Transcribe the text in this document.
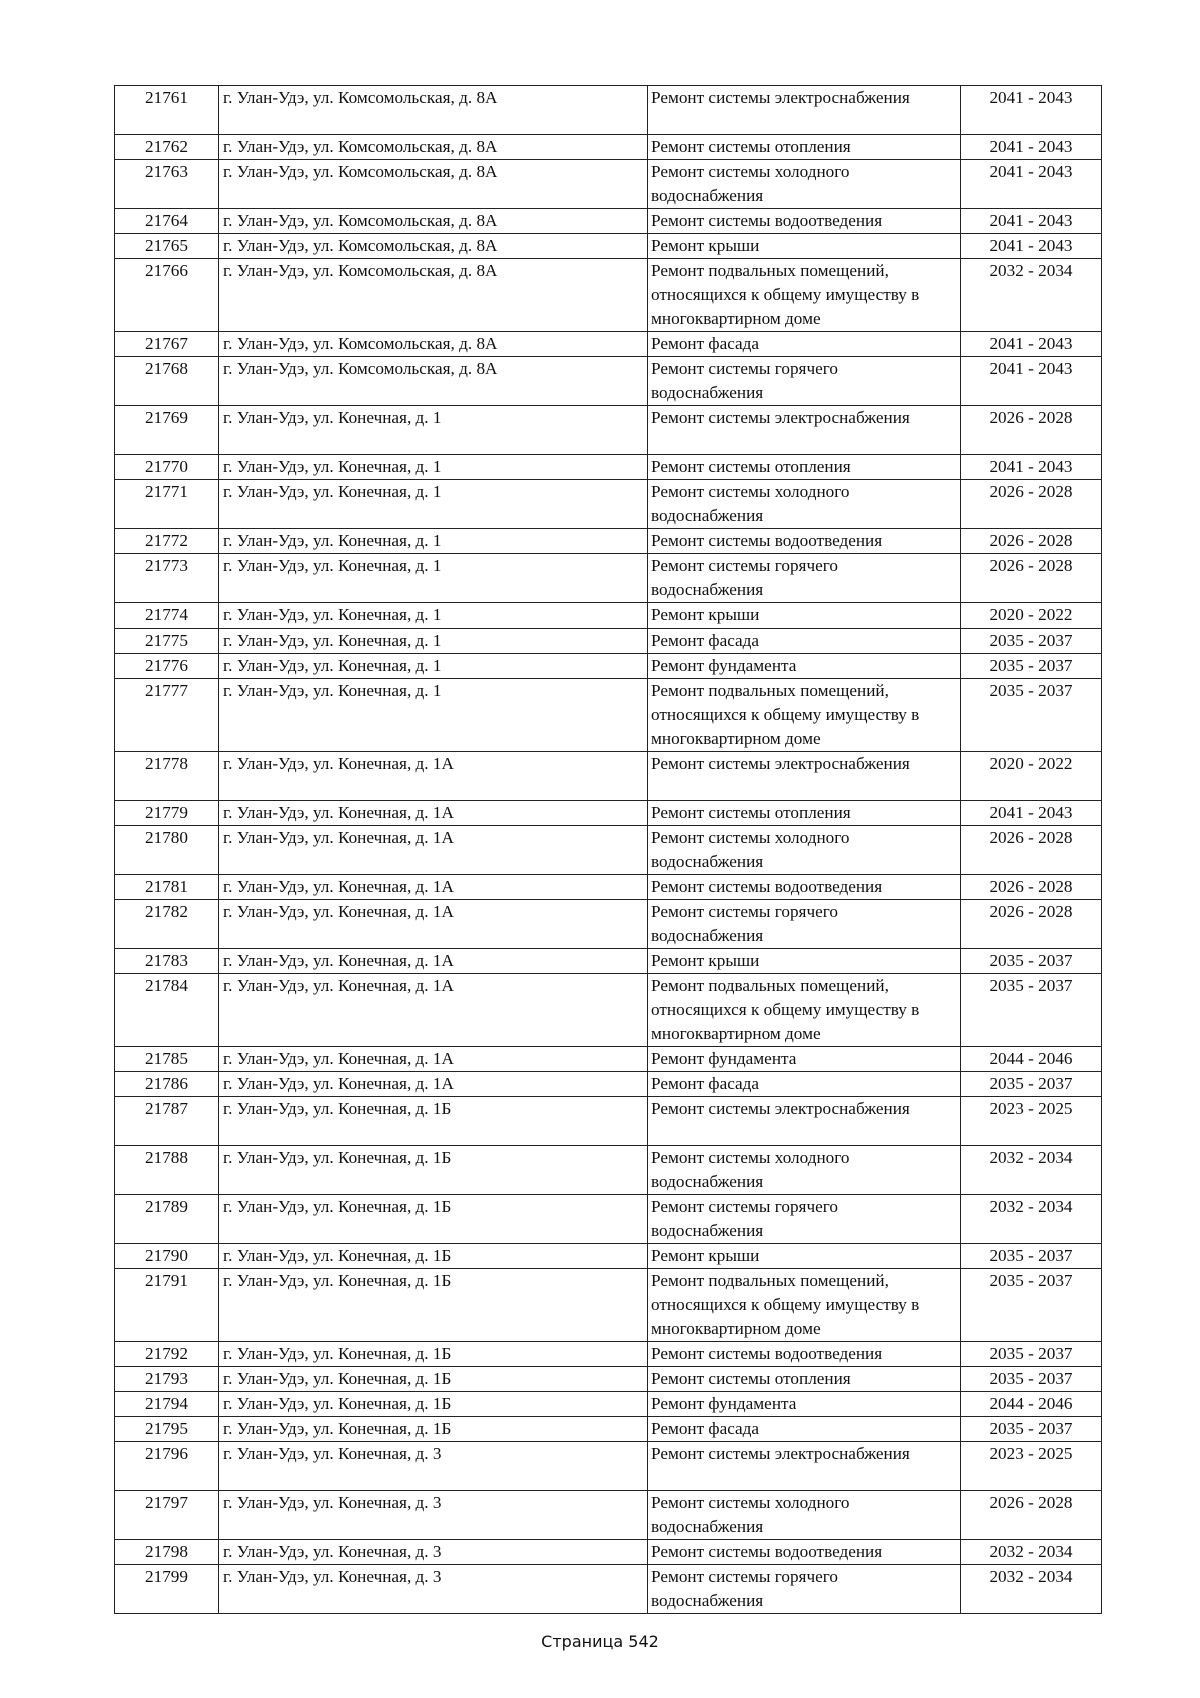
21761	г. Улан-Удэ, ул. Комсомольская, д. 8А	Ремонт системы электроснабжения	2041 - 2043
21762	г. Улан-Удэ, ул. Комсомольская, д. 8А	Ремонт системы отопления	2041 - 2043
21763	г. Улан-Удэ, ул. Комсомольская, д. 8А	Ремонт системы холодного
водоснабжения	2041 - 2043
21764	г. Улан-Удэ, ул. Комсомольская, д. 8А	Ремонт системы водоотведения	2041 - 2043
21765	г. Улан-Удэ, ул. Комсомольская, д. 8А	Ремонт крыши	2041 - 2043
21766	г. Улан-Удэ, ул. Комсомольская, д. 8А	Ремонт подвальных помещений,
относящихся к общему имуществу в
многоквартирном доме	2032 - 2034
21767	г. Улан-Удэ, ул. Комсомольская, д. 8А	Ремонт фасада	2041 - 2043
21768	г. Улан-Удэ, ул. Комсомольская, д. 8А	Ремонт системы горячего
водоснабжения	2041 - 2043
21769	г. Улан-Удэ, ул. Конечная, д. 1	Ремонт системы электроснабжения	2026 - 2028
21770	г. Улан-Удэ, ул. Конечная, д. 1	Ремонт системы отопления	2041 - 2043
21771	г. Улан-Удэ, ул. Конечная, д. 1	Ремонт системы холодного
водоснабжения	2026 - 2028
21772	г. Улан-Удэ, ул. Конечная, д. 1	Ремонт системы водоотведения	2026 - 2028
21773	г. Улан-Удэ, ул. Конечная, д. 1	Ремонт системы горячего
водоснабжения	2026 - 2028
21774	г. Улан-Удэ, ул. Конечная, д. 1	Ремонт крыши	2020 - 2022
21775	г. Улан-Удэ, ул. Конечная, д. 1	Ремонт фасада	2035 - 2037
21776	г. Улан-Удэ, ул. Конечная, д. 1	Ремонт фундамента	2035 - 2037
21777	г. Улан-Удэ, ул. Конечная, д. 1	Ремонт подвальных помещений,
относящихся к общему имуществу в
многоквартирном доме	2035 - 2037
21778	г. Улан-Удэ, ул. Конечная, д. 1А	Ремонт системы электроснабжения	2020 - 2022
21779	г. Улан-Удэ, ул. Конечная, д. 1А	Ремонт системы отопления	2041 - 2043
21780	г. Улан-Удэ, ул. Конечная, д. 1А	Ремонт системы холодного
водоснабжения	2026 - 2028
21781	г. Улан-Удэ, ул. Конечная, д. 1А	Ремонт системы водоотведения	2026 - 2028
21782	г. Улан-Удэ, ул. Конечная, д. 1А	Ремонт системы горячего
водоснабжения	2026 - 2028
21783	г. Улан-Удэ, ул. Конечная, д. 1А	Ремонт крыши	2035 - 2037
21784	г. Улан-Удэ, ул. Конечная, д. 1А	Ремонт подвальных помещений,
относящихся к общему имуществу в
многоквартирном доме	2035 - 2037
21785	г. Улан-Удэ, ул. Конечная, д. 1А	Ремонт фундамента	2044 - 2046
21786	г. Улан-Удэ, ул. Конечная, д. 1А	Ремонт фасада	2035 - 2037
21787	г. Улан-Удэ, ул. Конечная, д. 1Б	Ремонт системы электроснабжения	2023 - 2025
21788	г. Улан-Удэ, ул. Конечная, д. 1Б	Ремонт системы холодного
водоснабжения	2032 - 2034
21789	г. Улан-Удэ, ул. Конечная, д. 1Б	Ремонт системы горячего
водоснабжения	2032 - 2034
21790	г. Улан-Удэ, ул. Конечная, д. 1Б	Ремонт крыши	2035 - 2037
21791	г. Улан-Удэ, ул. Конечная, д. 1Б	Ремонт подвальных помещений,
относящихся к общему имуществу в
многоквартирном доме	2035 - 2037
21792	г. Улан-Удэ, ул. Конечная, д. 1Б	Ремонт системы водоотведения	2035 - 2037
21793	г. Улан-Удэ, ул. Конечная, д. 1Б	Ремонт системы отопления	2035 - 2037
21794	г. Улан-Удэ, ул. Конечная, д. 1Б	Ремонт фундамента	2044 - 2046
21795	г. Улан-Удэ, ул. Конечная, д. 1Б	Ремонт фасада	2035 - 2037
21796	г. Улан-Удэ, ул. Конечная, д. 3	Ремонт системы электроснабжения	2023 - 2025
21797	г. Улан-Удэ, ул. Конечная, д. 3	Ремонт системы холодного
водоснабжения	2026 - 2028
21798	г. Улан-Удэ, ул. Конечная, д. 3	Ремонт системы водоотведения	2032 - 2034
21799	г. Улан-Удэ, ул. Конечная, д. 3	Ремонт системы горячего
водоснабжения	2032 - 2034
Страница 542
